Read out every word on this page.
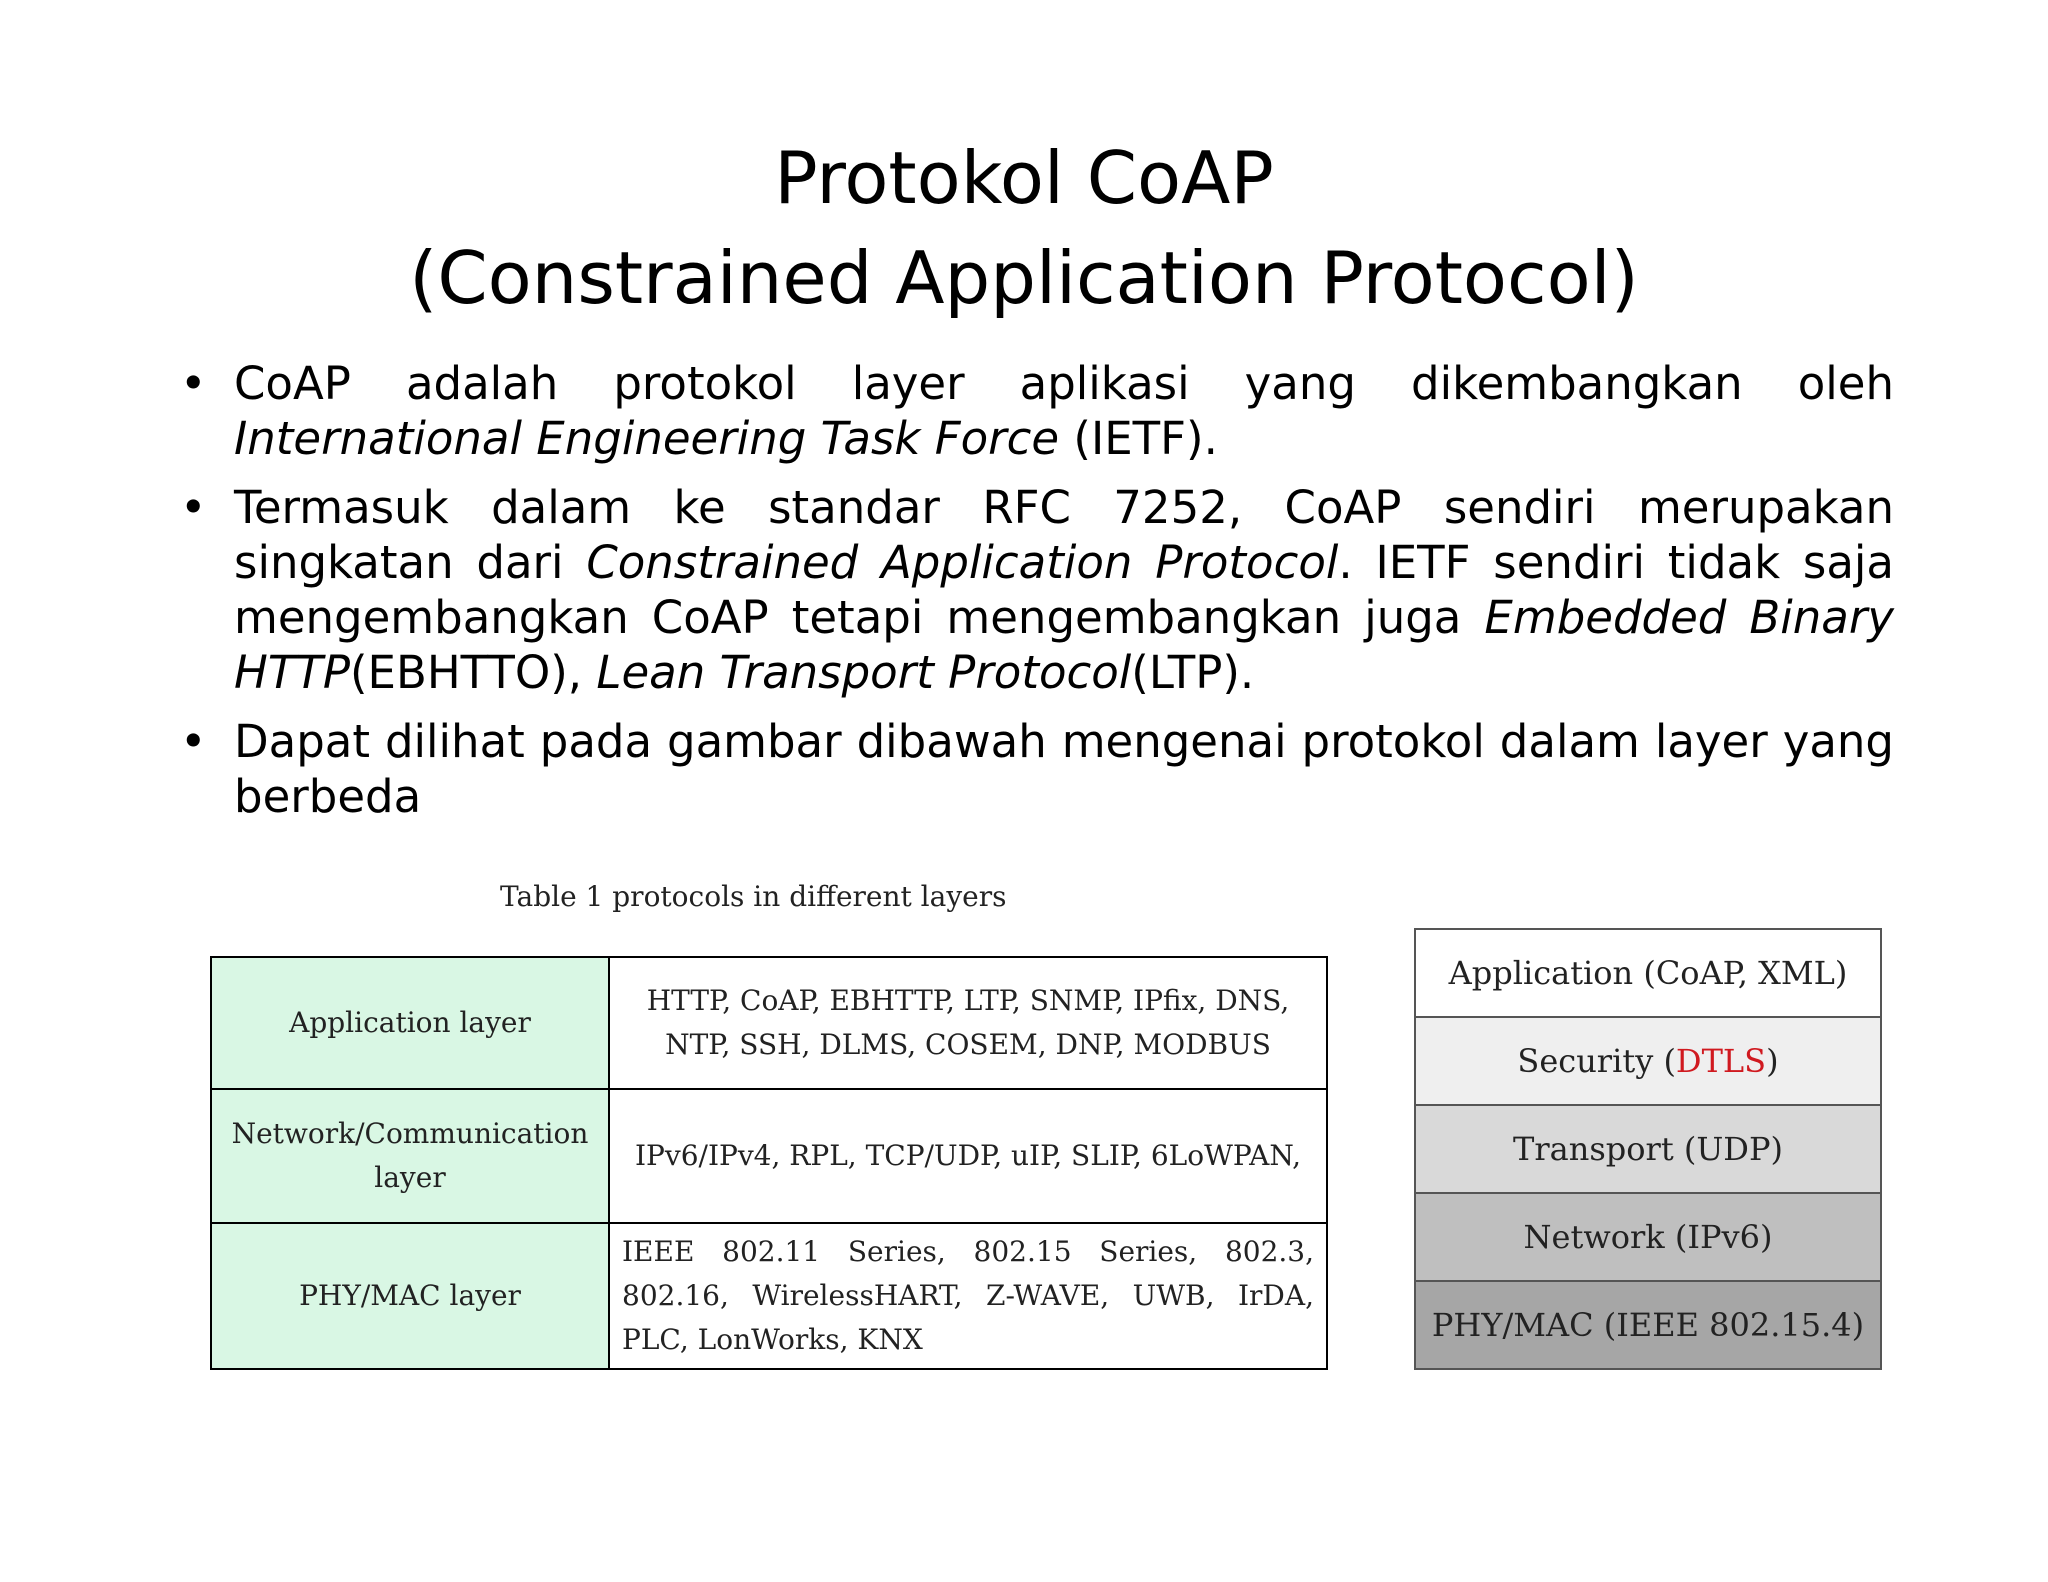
Protokol CoAP
(Constrained Application Protocol)
• CoAP adalah protokol layer aplikasi yang dikembangkan oleh International Engineering Task Force (IETF).
• Termasuk dalam ke standar RFC 7252, CoAP sendiri merupakan singkatan dari Constrained Application Protocol. IETF sendiri tidak saja mengembangkan CoAP tetapi mengembangkan juga Embedded Binary HTTP(EBHTTO), Lean Transport Protocol(LTP).
• Dapat dilihat pada gambar dibawah mengenai protokol dalam layer yang berbeda
Table 1 protocols in different layers
Application layer	HTTP, CoAP, EBHTTP, LTP, SNMP, IPfix, DNS, NTP, SSH, DLMS, COSEM, DNP, MODBUS
Network/Communication layer	IPv6/IPv4, RPL, TCP/UDP, uIP, SLIP, 6LoWPAN,
PHY/MAC layer	IEEE 802.11 Series, 802.15 Series, 802.3, 802.16, WirelessHART, Z-WAVE, UWB, IrDA, PLC, LonWorks, KNX
Application (CoAP, XML)
Security ( DTLS )
Transport (UDP)
Network (IPv6)
PHY/MAC (IEEE 802.15.4)
